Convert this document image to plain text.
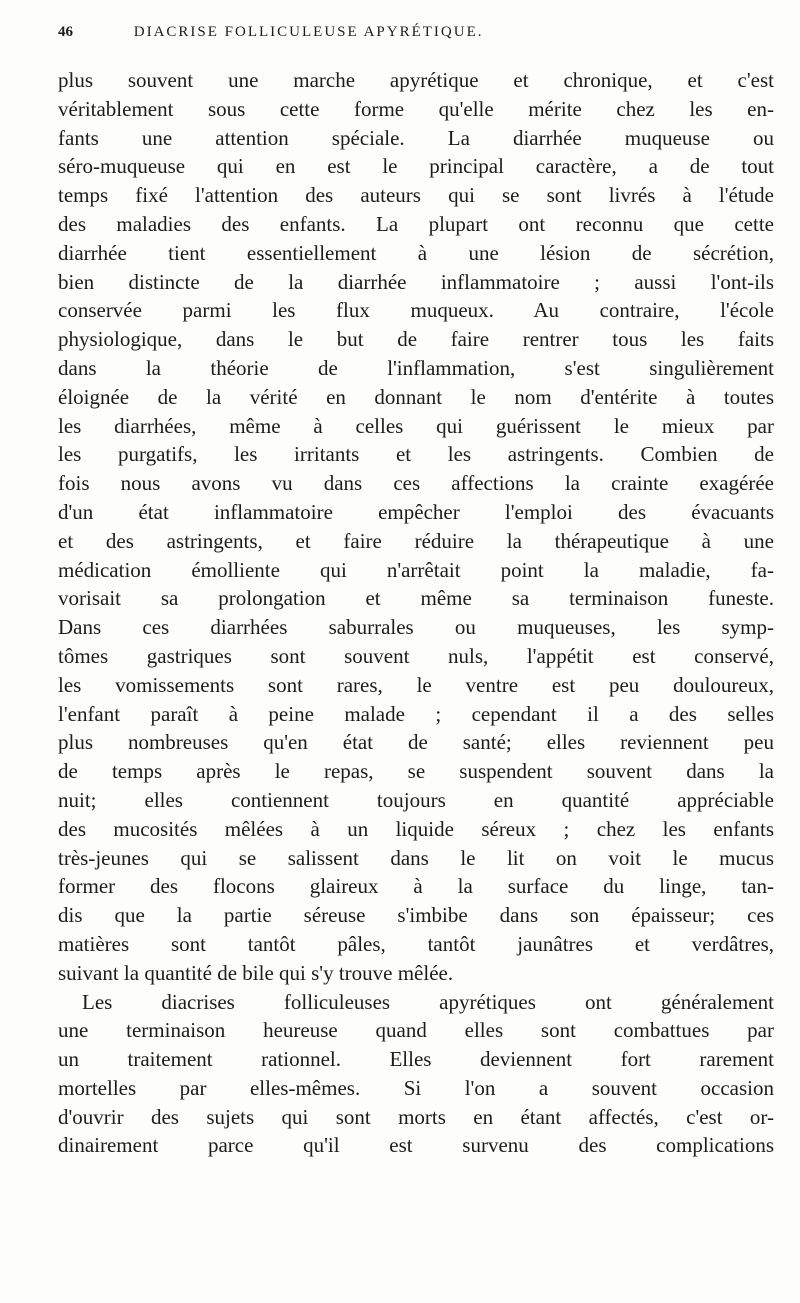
46	DIACRISE FOLLICULEUSE APYRÉTIQUE.
plus souvent une marche apyrétique et chronique, et c'est
véritablement sous cette forme qu'elle mérite chez les en-
fants une attention spéciale. La diarrhée muqueuse ou
séro-muqueuse qui en est le principal caractère, a de tout
temps fixé l'attention des auteurs qui se sont livrés à l'étude
des maladies des enfants. La plupart ont reconnu que cette
diarrhée tient essentiellement à une lésion de sécrétion,
bien distincte de la diarrhée inflammatoire ; aussi l'ont-ils
conservée parmi les flux muqueux. Au contraire, l'école
physiologique, dans le but de faire rentrer tous les faits
dans la théorie de l'inflammation, s'est singulièrement
éloignée de la vérité en donnant le nom d'entérite à toutes
les diarrhées, même à celles qui guérissent le mieux par
les purgatifs, les irritants et les astringents. Combien de
fois nous avons vu dans ces affections la crainte exagérée
d'un état inflammatoire empêcher l'emploi des évacuants
et des astringents, et faire réduire la thérapeutique à une
médication émolliente qui n'arrêtait point la maladie, fa-
vorisait sa prolongation et même sa terminaison funeste.
Dans ces diarrhées saburrales ou muqueuses, les symp-
tômes gastriques sont souvent nuls, l'appétit est conservé,
les vomissements sont rares, le ventre est peu douloureux,
l'enfant paraît à peine malade ; cependant il a des selles
plus nombreuses qu'en état de santé; elles reviennent peu
de temps après le repas, se suspendent souvent dans la
nuit; elles contiennent toujours en quantité appréciable
des mucosités mêlées à un liquide séreux ; chez les enfants
très-jeunes qui se salissent dans le lit on voit le mucus
former des flocons glaireux à la surface du linge, tan-
dis que la partie séreuse s'imbibe dans son épaisseur; ces
matières sont tantôt pâles, tantôt jaunâtres et verdâtres,
suivant la quantité de bile qui s'y trouve mêlée.
Les diacrises folliculeuses apyrétiques ont généralement
une terminaison heureuse quand elles sont combattues par
un traitement rationnel. Elles deviennent fort rarement
mortelles par elles-mêmes. Si l'on a souvent occasion
d'ouvrir des sujets qui sont morts en étant affectés, c'est or-
dinairement parce qu'il est survenu des complications
